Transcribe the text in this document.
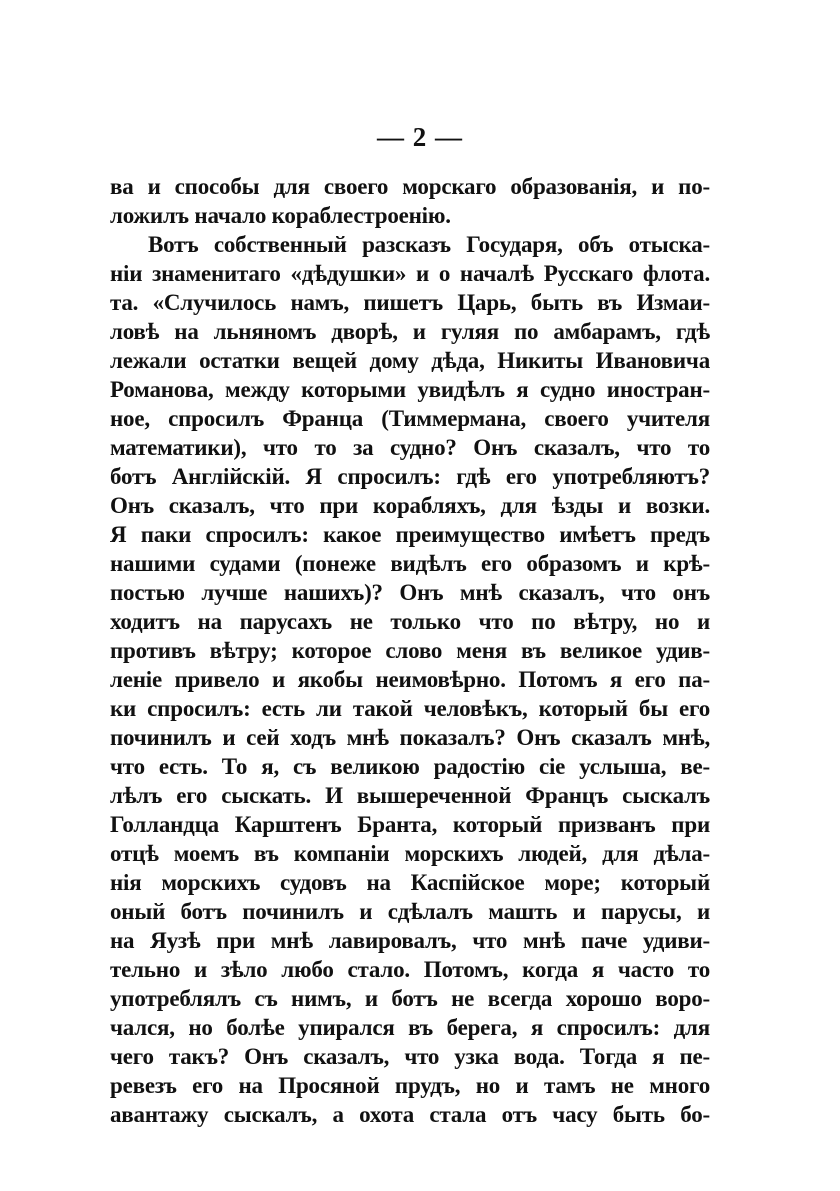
— 2 —
ва и способы для своего морскаго образованія, и по-
ложилъ начало кораблестроенію.
Вотъ собственный разсказъ Государя, объ отыска-
ніи знаменитаго «дѣдушки» и о началѣ Русскаго флота.
та. «Случилось намъ, пишетъ Царь, быть въ Измаи-
ловѣ на льняномъ дворѣ, и гуляя по амбарамъ, гдѣ
лежали остатки вещей дому дѣда, Никиты Ивановича
Романова, между которыми увидѣлъ я судно иностран-
ное, спросилъ Франца (Тиммермана, своего учителя
математики), что то за судно? Онъ сказалъ, что то
ботъ Англійскій. Я спросилъ: гдѣ его употребляютъ?
Онъ сказалъ, что при корабляхъ, для ѣзды и возки.
Я паки спросилъ: какое преимущество имѣетъ предъ
нашими судами (понеже видѣлъ его образомъ и крѣ-
постью лучше нашихъ)? Онъ мнѣ сказалъ, что онъ
ходитъ на парусахъ не только что по вѣтру, но и
противъ вѣтру; которое слово меня въ великое удив-
леніе привело и якобы неимовѣрно. Потомъ я его па-
ки спросилъ: есть ли такой человѣкъ, который бы его
починилъ и сей ходъ мнѣ показалъ? Онъ сказалъ мнѣ,
что есть. То я, съ великою радостію сіе услыша, ве-
лѣлъ его сыскать. И вышереченной Францъ сыскалъ
Голландца Карштенъ Брантa, который призванъ при
отцѣ моемъ въ компаніи морскихъ людей, для дѣла-
нія морскихъ судовъ на Каспійское море; который
оный ботъ починилъ и сдѣлалъ машть и парусы, и
на Яузѣ при мнѣ лавировалъ, что мнѣ паче удиви-
тельно и зѣло любо стало. Потомъ, когда я часто то
употреблялъ съ нимъ, и ботъ не всегда хорошо воро-
чался, но болѣе упирался въ берега, я спросилъ: для
чего такъ? Онъ сказалъ, что узка вода. Тогда я пе-
ревезъ его на Просяной прудъ, но и тамъ не много
авантажу сыскалъ, а охота стала отъ часу быть бо-
